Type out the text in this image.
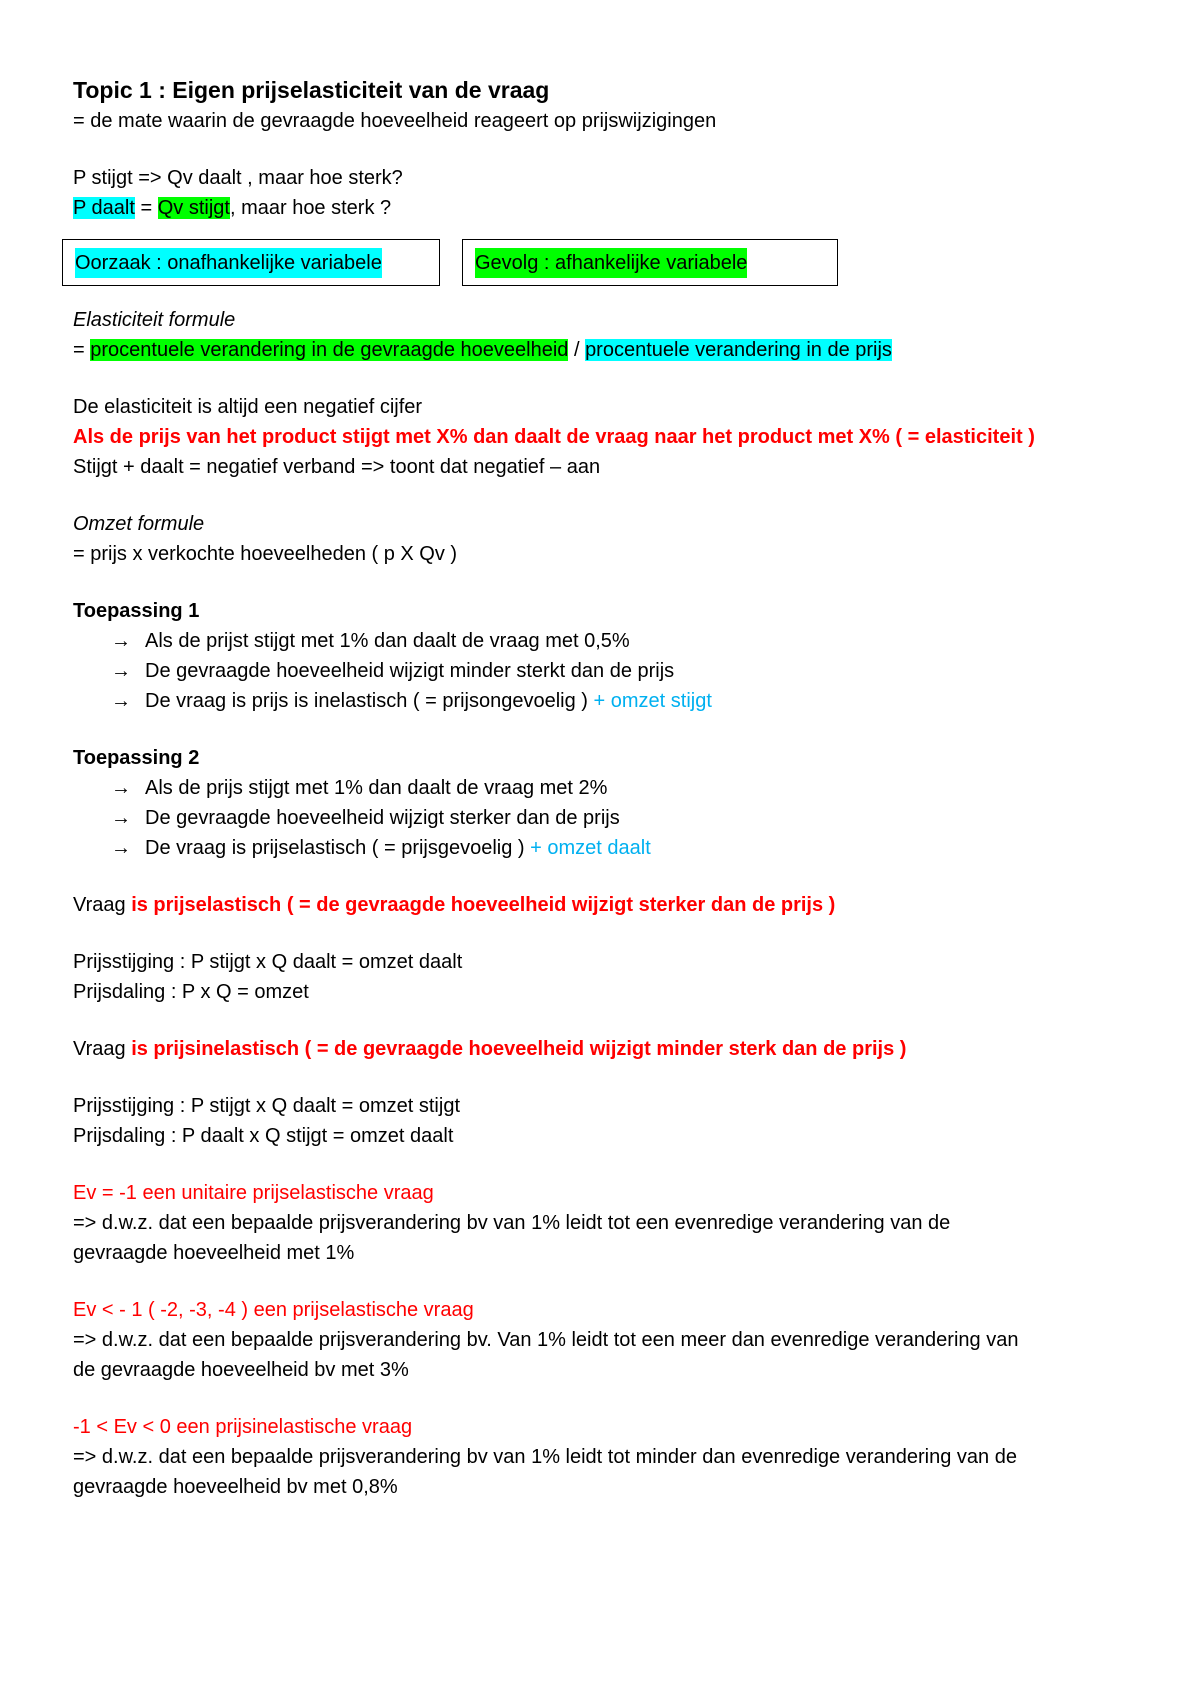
Topic 1 : Eigen prijselasticiteit van de vraag
= de mate waarin de gevraagde hoeveelheid reageert op prijswijzigingen
P stijgt => Qv daalt , maar hoe sterk?
P daalt = Qv stijgt, maar hoe sterk ?
Oorzaak : onafhankelijke variabele	Gevolg : afhankelijke variabele
Elasticiteit formule
= procentuele verandering in de gevraagde hoeveelheid / procentuele verandering in de prijs
De elasticiteit is altijd een negatief cijfer
Als de prijs van het product stijgt met X% dan daalt de vraag naar het product met X% ( = elasticiteit )
Stijgt + daalt = negatief verband => toont dat negatief – aan
Omzet formule
= prijs x verkochte hoeveelheden ( p X Qv )
Toepassing 1
→ Als de prijst stijgt met 1% dan daalt de vraag met 0,5%
→ De gevraagde hoeveelheid wijzigt minder sterkt dan de prijs
→ De vraag is prijs is inelastisch ( = prijsongevoelig )
+ omzet stijgt
Toepassing 2
→ Als de prijs stijgt met 1% dan daalt de vraag met 2%
→ De gevraagde hoeveelheid wijzigt sterker dan de prijs
→ De vraag is prijselastisch ( = prijsgevoelig )
+ omzet daalt
Vraag is prijselastisch ( = de gevraagde hoeveelheid wijzigt sterker dan de prijs )
Prijsstijging : P stijgt x Q daalt = omzet daalt
Prijsdaling : P x Q = omzet
Vraag is prijsinelastisch ( = de gevraagde hoeveelheid wijzigt minder sterk dan de prijs )
Prijsstijging : P stijgt x Q daalt = omzet stijgt
Prijsdaling : P daalt x Q stijgt = omzet daalt
Ev = -1 een unitaire prijselastische vraag
=> d.w.z. dat een bepaalde prijsverandering bv van 1% leidt tot een evenredige verandering van de
gevraagde hoeveelheid met 1%
Ev < - 1 ( -2, -3, -4 ) een prijselastische vraag
=> d.w.z. dat een bepaalde prijsverandering bv. Van 1% leidt tot een meer dan evenredige verandering van
de gevraagde hoeveelheid bv met 3%
-1 < Ev < 0 een prijsinelastische vraag
=> d.w.z. dat een bepaalde prijsverandering bv van 1% leidt tot minder dan evenredige verandering van de
gevraagde hoeveelheid bv met 0,8%
